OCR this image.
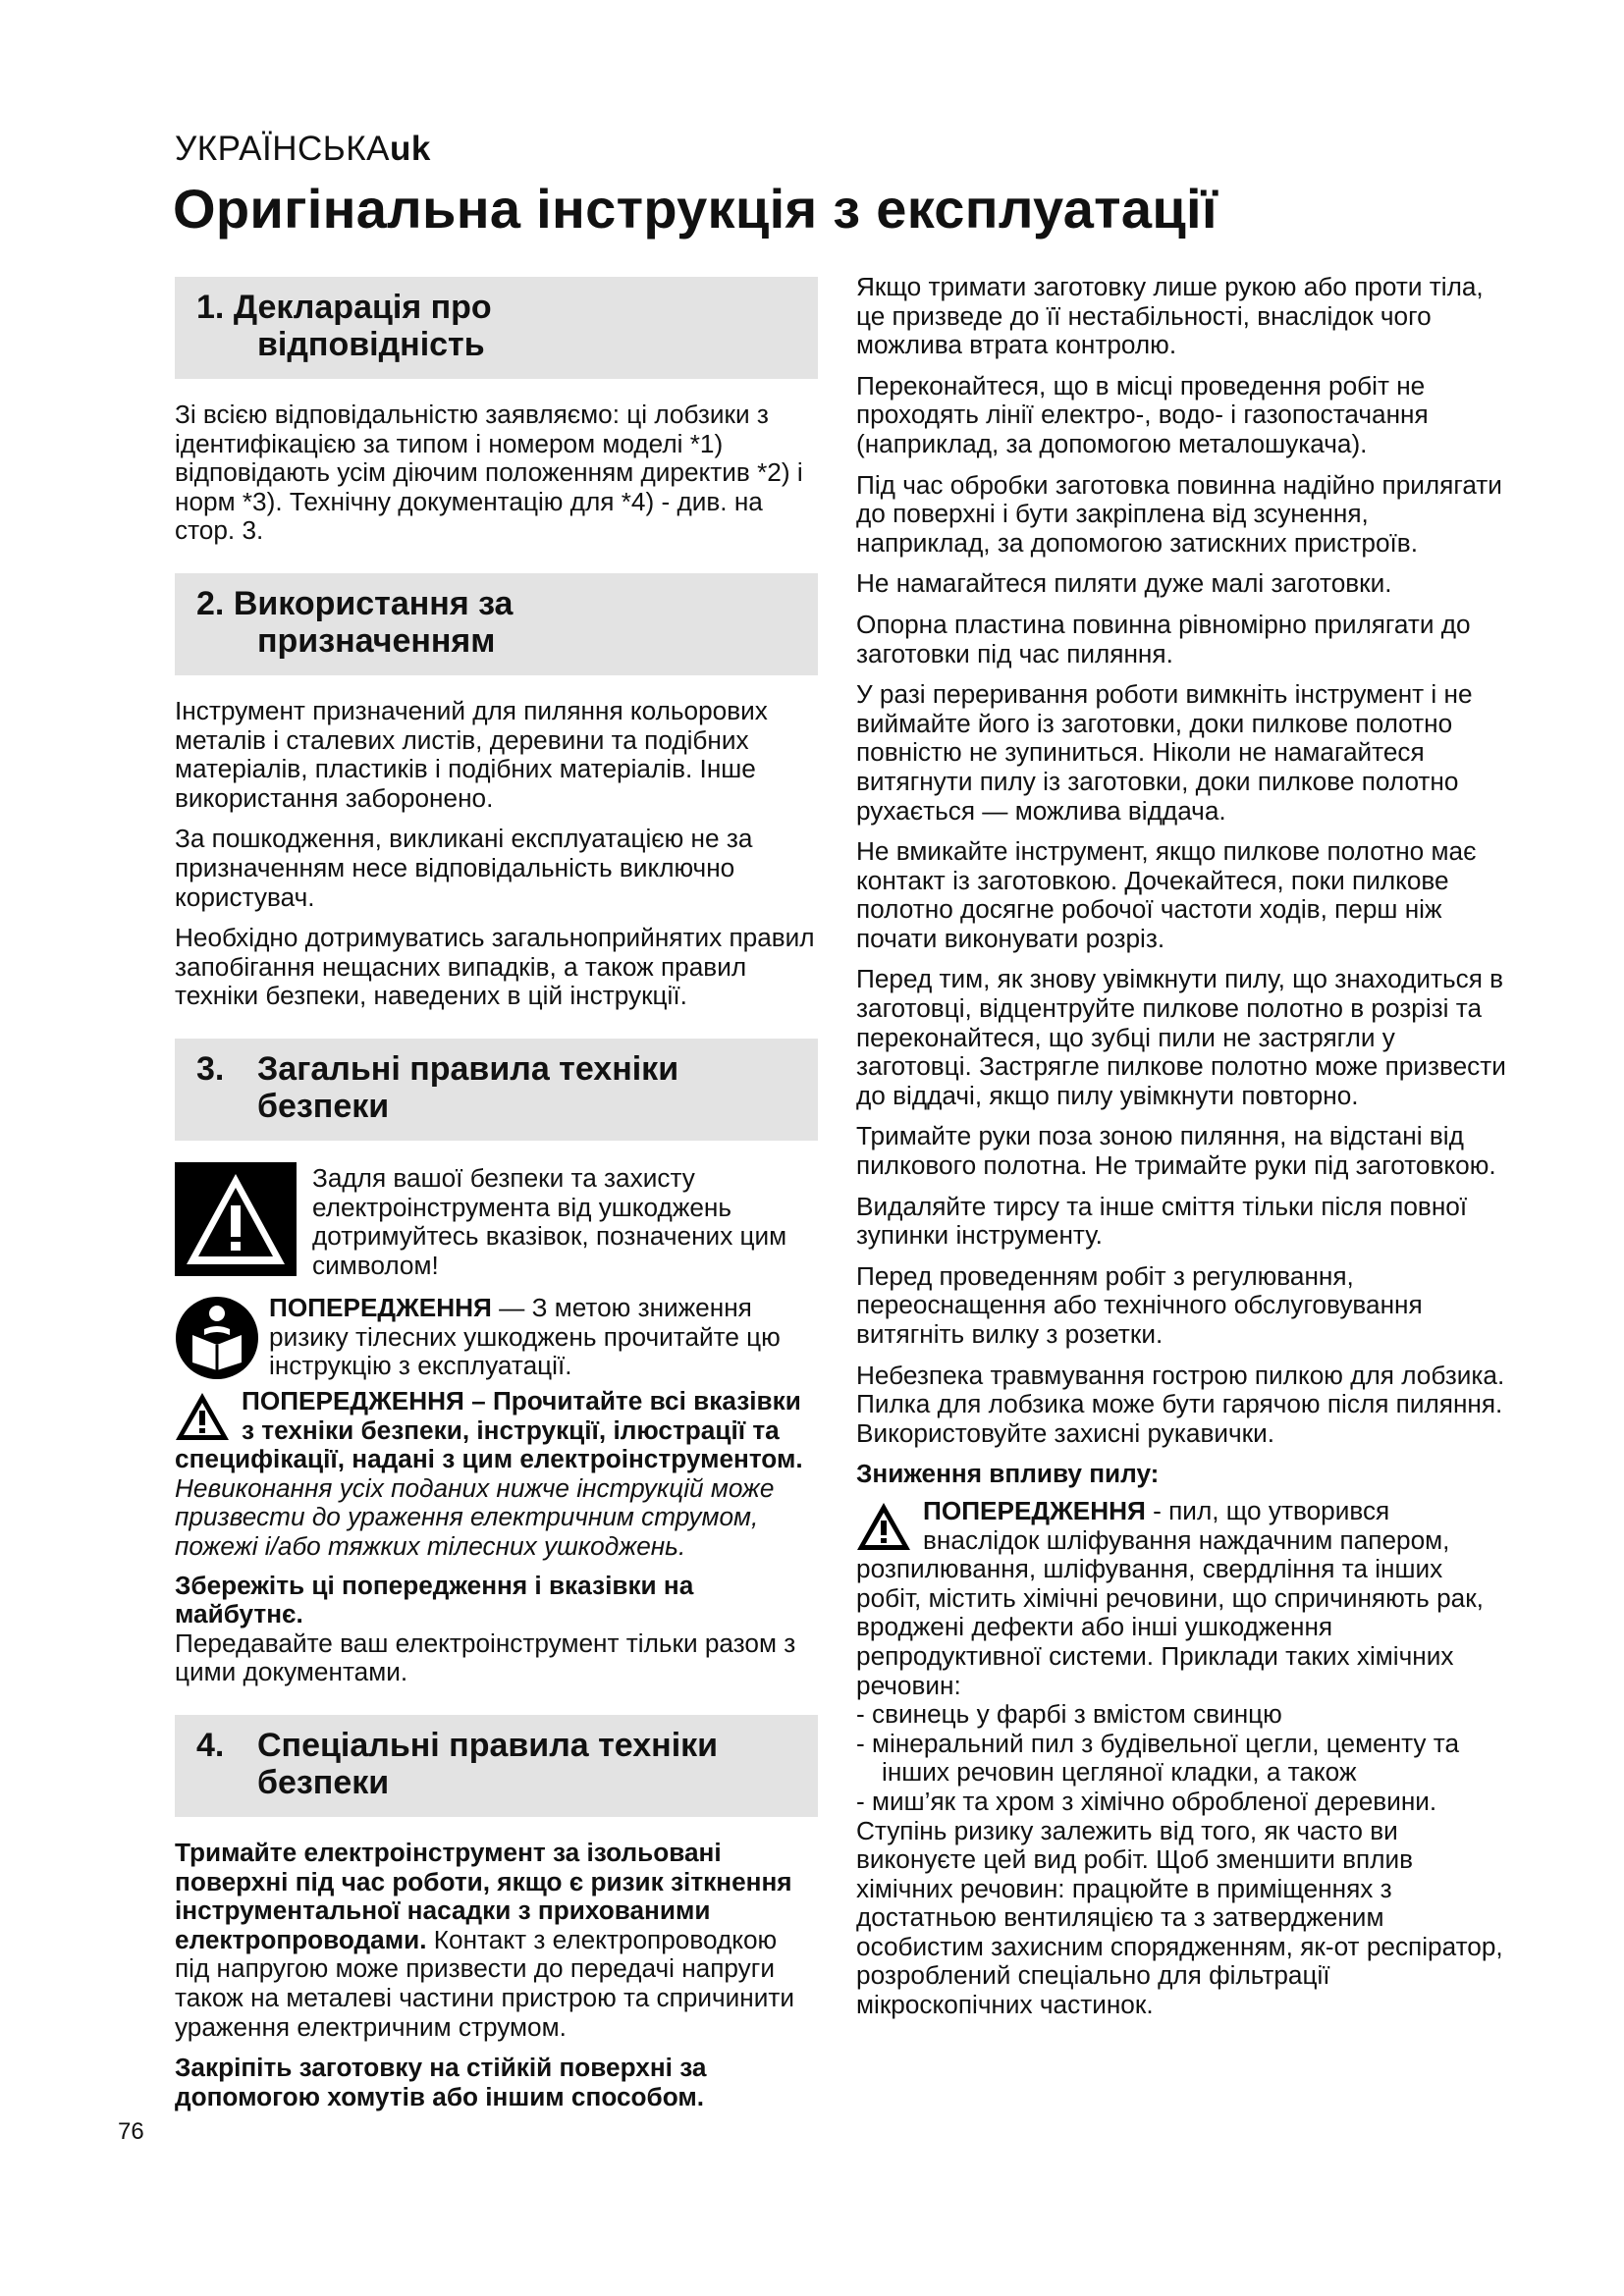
УКРАЇНСЬКАuk
Оригінальна інструкція з експлуатації
1. Декларація про
відповідність

Зі всією відповідальністю заявляємо: ці лобзики з ідентифікацією за типом і номером моделі *1) відповідають усім діючим положенням директив *2) і норм *3). Технічну документацію для *4) - див. на стор. 3.

2. Використання за
призначенням

Інструмент призначений для пиляння кольорових металів і сталевих листів, деревини та подібних матеріалів, пластиків і подібних матеріалів. Інше використання заборонено.

За пошкодження, викликані експлуатацією не за призначенням несе відповідальність виключно користувач.

Необхідно дотримуватись загальноприйнятих правил запобігання нещасних випадків, а також правил техніки безпеки, наведених в цій інструкції.

3. Загальні правила техніки
безпеки
Задля вашої безпеки та захисту електроінструмента від ушкоджень дотримуйтесь вказівок, позначених цим символом!
ПОПЕРЕДЖЕННЯ — З метою зниження ризику тілесних ушкоджень прочитайте цю інструкцію з експлуатації.
ПОПЕРЕДЖЕННЯ – Прочитайте всі вказівки з техніки безпеки, інструкції, ілюстрації та специфікації, надані з цим електроінструментом. Невиконання усіх поданих нижче інструкцій може призвести до ураження електричним струмом, пожежі і/або тяжких тілесних ушкоджень.

Збережіть ці попередження і вказівки на майбутнє.
Передавайте ваш електроінструмент тільки разом з цими документами.

4. Спеціальні правила техніки
безпеки

Тримайте електроінструмент за ізольовані поверхні під час роботи, якщо є ризик зіткнення інструментальної насадки з прихованими електропроводами. Контакт з електропроводкою під напругою може призвести до передачі напруги також на металеві частини пристрою та спричинити ураження електричним струмом.

Закріпіть заготовку на стійкій поверхні за допомогою хомутів або іншим способом.

Якщо тримати заготовку лише рукою або проти тіла, це призведе до її нестабільності, внаслідок чого можлива втрата контролю.

Переконайтеся, що в місці проведення робіт не проходять лінії електро-, водо- і газопостачання (наприклад, за допомогою металошукача).

Під час обробки заготовка повинна надійно прилягати до поверхні і бути закріплена від зсунення, наприклад, за допомогою затискних пристроїв.

Не намагайтеся пиляти дуже малі заготовки.

Опорна пластина повинна рівномірно прилягати до заготовки під час пиляння.

У разі переривання роботи вимкніть інструмент і не виймайте його із заготовки, доки пилкове полотно повністю не зупиниться. Ніколи не намагайтеся витягнути пилу із заготовки, доки пилкове полотно рухається — можлива віддача.

Не вмикайте інструмент, якщо пилкове полотно має контакт із заготовкою. Дочекайтеся, поки пилкове полотно досягне робочої частоти ходів, перш ніж почати виконувати розріз.

Перед тим, як знову увімкнути пилу, що знаходиться в заготовці, відцентруйте пилкове полотно в розрізі та переконайтеся, що зубці пили не застрягли у заготовці. Застрягле пилкове полотно може призвести до віддачі, якщо пилу увімкнути повторно.

Тримайте руки поза зоною пиляння, на відстані від пилкового полотна. Не тримайте руки під заготовкою.

Видаляйте тирсу та інше сміття тільки після повної зупинки інструменту.

Перед проведенням робіт з регулювання, переоснащення або технічного обслуговування витягніть вилку з розетки.

Небезпека травмування гострою пилкою для лобзика. Пилка для лобзика може бути гарячою після пиляння. Використовуйте захисні рукавички.

Зниження впливу пилу:

ПОПЕРЕДЖЕННЯ - пил, що утворився внаслідок шліфування наждачним папером, розпилювання, шліфування, свердління та інших робіт, містить хімічні речовини, що спричиняють рак, вроджені дефекти або інші ушкодження репродуктивної системи. Приклади таких хімічних речовин:
- свинець у фарбі з вмістом свинцю
- мінеральний пил з будівельної цегли, цементу та інших речовин цегляної кладки, а також
- миш’як та хром з хімічно обробленої деревини.

Ступінь ризику залежить від того, як часто ви виконуєте цей вид робіт. Щоб зменшити вплив хімічних речовин: працюйте в приміщеннях з достатньою вентиляцією та з затвердженим особистим захисним спорядженням, як-от респіратор, розроблений спеціально для фільтрації мікроскопічних частинок.

76
